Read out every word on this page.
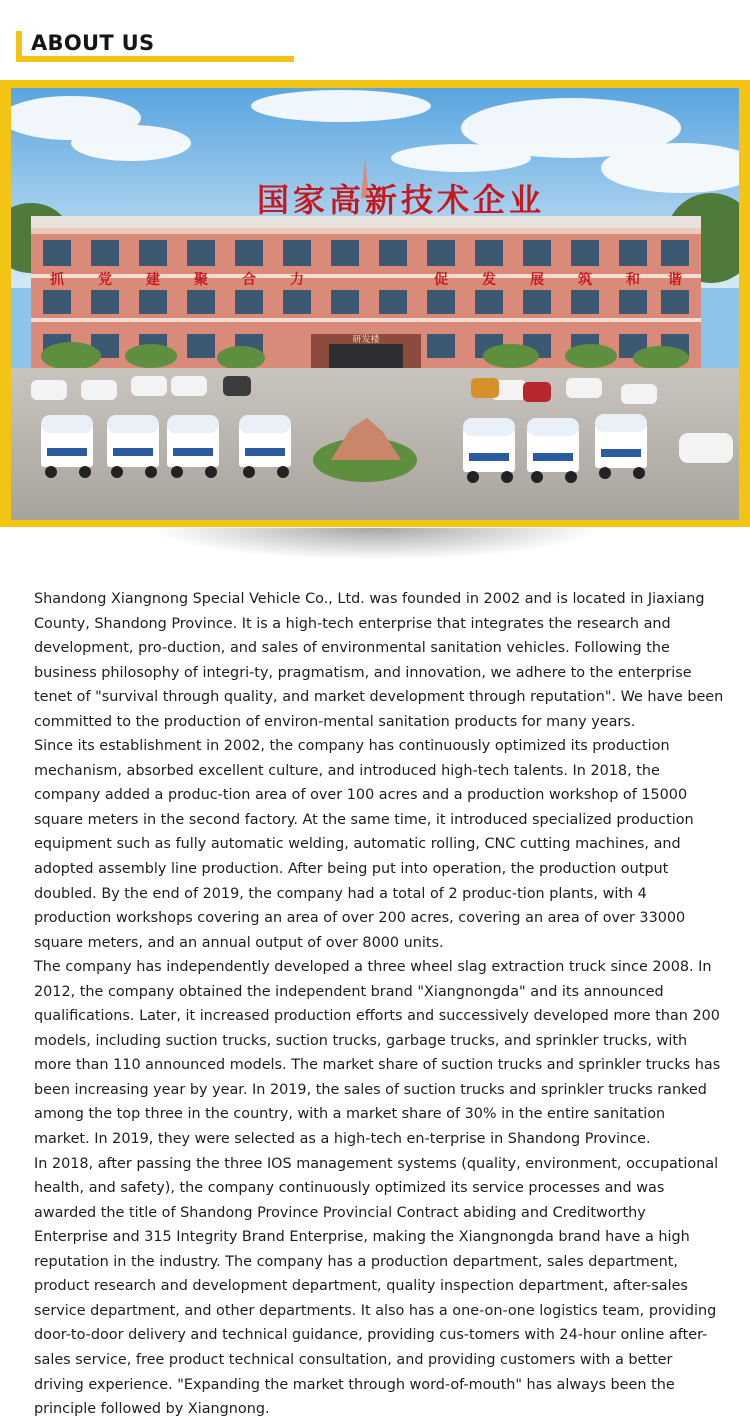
ABOUT US
国家高新技术企业
抓 党 建 聚 合 力	促 发 展 筑 和 谐
研发楼

Shandong Xiangnong Special Vehicle Co., Ltd. was founded in 2002 and is located in Jiaxiang County, Shandong Province. It is a high-tech enterprise that integrates the research and development, pro-duction, and sales of environmental sanitation vehicles. Following the business philosophy of integri-ty, pragmatism, and innovation, we adhere to the enterprise tenet of "survival through quality, and market development through reputation". We have been committed to the production of environ-mental sanitation products for many years.

Since its establishment in 2002, the company has continuously optimized its production mechanism, absorbed excellent culture, and introduced high-tech talents. In 2018, the company added a produc-tion area of over 100 acres and a production workshop of 15000 square meters in the second factory. At the same time, it introduced specialized production equipment such as fully automatic welding, automatic rolling, CNC cutting machines, and adopted assembly line production. After being put into operation, the production output doubled. By the end of 2019, the company had a total of 2 produc-tion plants, with 4 production workshops covering an area of over 200 acres, covering an area of over 33000 square meters, and an annual output of over 8000 units.

The company has independently developed a three wheel slag extraction truck since 2008. In 2012, the company obtained the independent brand "Xiangnongda" and its announced qualifications. Later, it increased production efforts and successively developed more than 200 models, including suction trucks, suction trucks, garbage trucks, and sprinkler trucks, with more than 110 announced models. The market share of suction trucks and sprinkler trucks has been increasing year by year. In 2019, the sales of suction trucks and sprinkler trucks ranked among the top three in the country, with a market share of 30% in the entire sanitation market. In 2019, they were selected as a high-tech en-terprise in Shandong Province.

In 2018, after passing the three IOS management systems (quality, environment, occupational health, and safety), the company continuously optimized its service processes and was awarded the title of Shandong Province Provincial Contract abiding and Creditworthy Enterprise and 315 Integrity Brand Enterprise, making the Xiangnongda brand have a high reputation in the industry. The company has a production department, sales department, product research and development department, quality inspection department, after-sales service department, and other departments. It also has a one-on-one logistics team, providing door-to-door delivery and technical guidance, providing cus-tomers with 24-hour online after-sales service, free product technical consultation, and providing customers with a better driving experience. "Expanding the market through word-of-mouth" has always been the principle followed by Xiangnong.
